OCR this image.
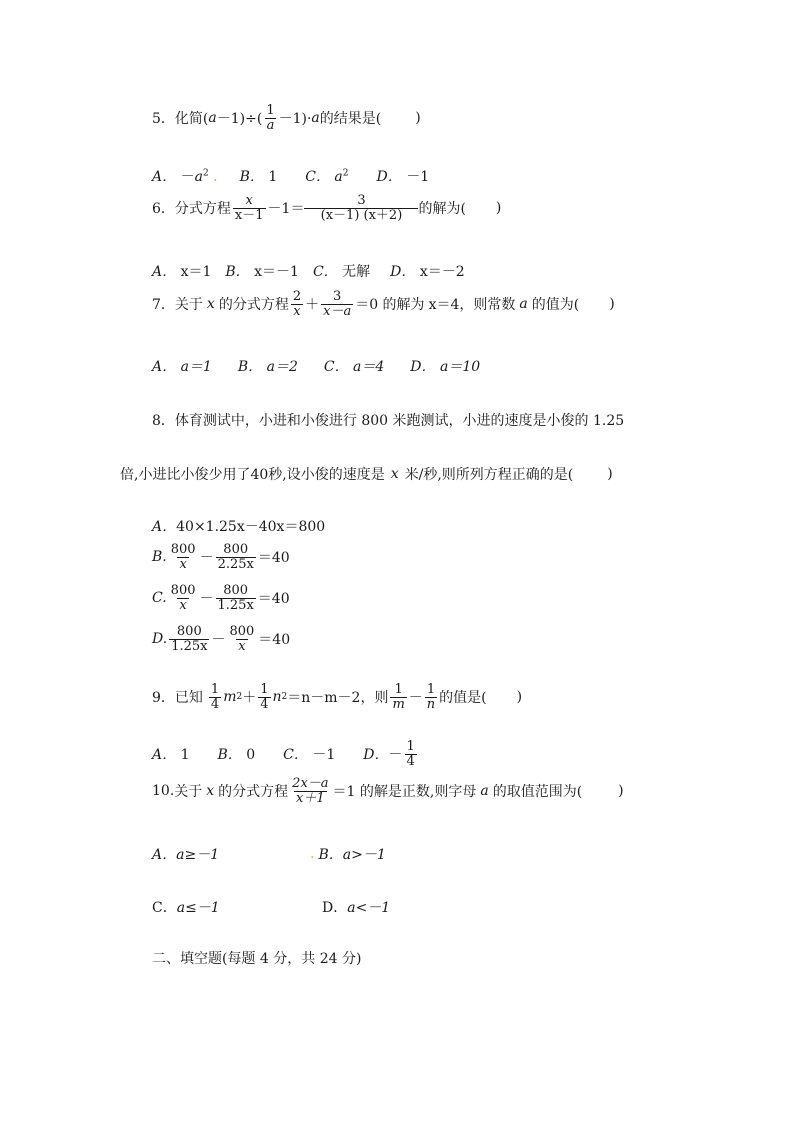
5． 化简( $a -1)\div( \frac{1}{a} -1)\cdot a$ 的结果是( )
A． $-a^2$ . B． 1 C． $a^2$ D． －1
6． 分式方程 $\frac{x}{x-1} -1= \frac{3}{(x-1) (x+2)}$ 的解为( )
A． x＝1 B． x＝－1 C． 无解 D． x＝－2
7． 关于 x 的分式方程 $\frac{2}{x} + \frac{3}{x-a} =0$ 的解为 x＝4，则常数 a 的值为( )
A． a＝1 B． a＝2 C． a＝4 D． a＝10
8． 体育测试中，小进和小俊进行 800 米跑测试，小进的速度是小俊的 1.25
倍,小进比小俊少用了40秒,设小俊的速度是 x 米/秒,则所列方程正确的是( )
A． 40×1.25x－40x＝800
B. $\frac{800}{x} - \frac{800}{2.25x} =40$
C. $\frac{800}{x} - \frac{800}{1.25x} =40$
D. $\frac{800}{1.25x} - \frac{800}{x} =40$
9． 已知 $\frac{1}{4}$ m $2 + \frac{1}{4}$ n 2 ＝n－m－2，则 $\frac{1}{m} - \frac{1}{n}$ 的值是( )
A． 1 B． 0 C． －1 D． － $\frac{1}{4}$
10. 关于 x 的分式方程 $\frac{2x-a}{x+1} =1$ 的解是正数,则字母 a 的取值范围为(	)
A． a≥－1	. B． a>－1
C． a≤－1	D． a<－1
二、填空题(每题 4 分，共 24 分)
